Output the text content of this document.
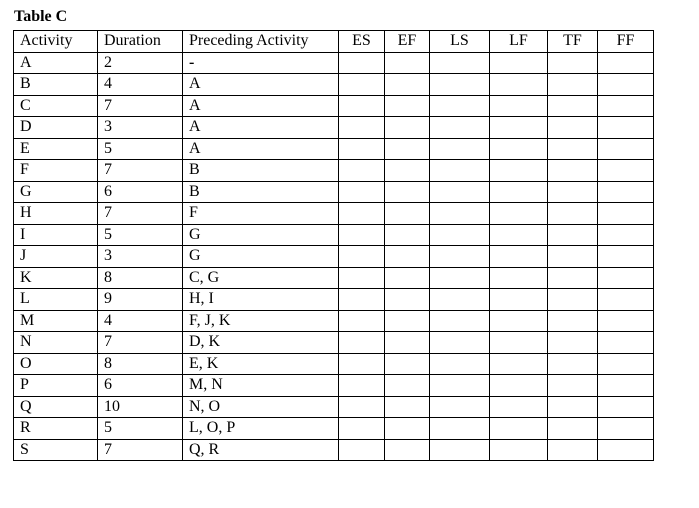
Table C
Activity	Duration	Preceding Activity	ES	EF	LS	LF	TF	FF
A	2	-						
B	4	A						
C	7	A						
D	3	A						
E	5	A						
F	7	B						
G	6	B						
H	7	F						
I	5	G						
J	3	G						
K	8	C, G						
L	9	H, I						
M	4	F, J, K						
N	7	D, K						
O	8	E, K						
P	6	M, N						
Q	10	N, O						
R	5	L, O, P						
S	7	Q, R						
